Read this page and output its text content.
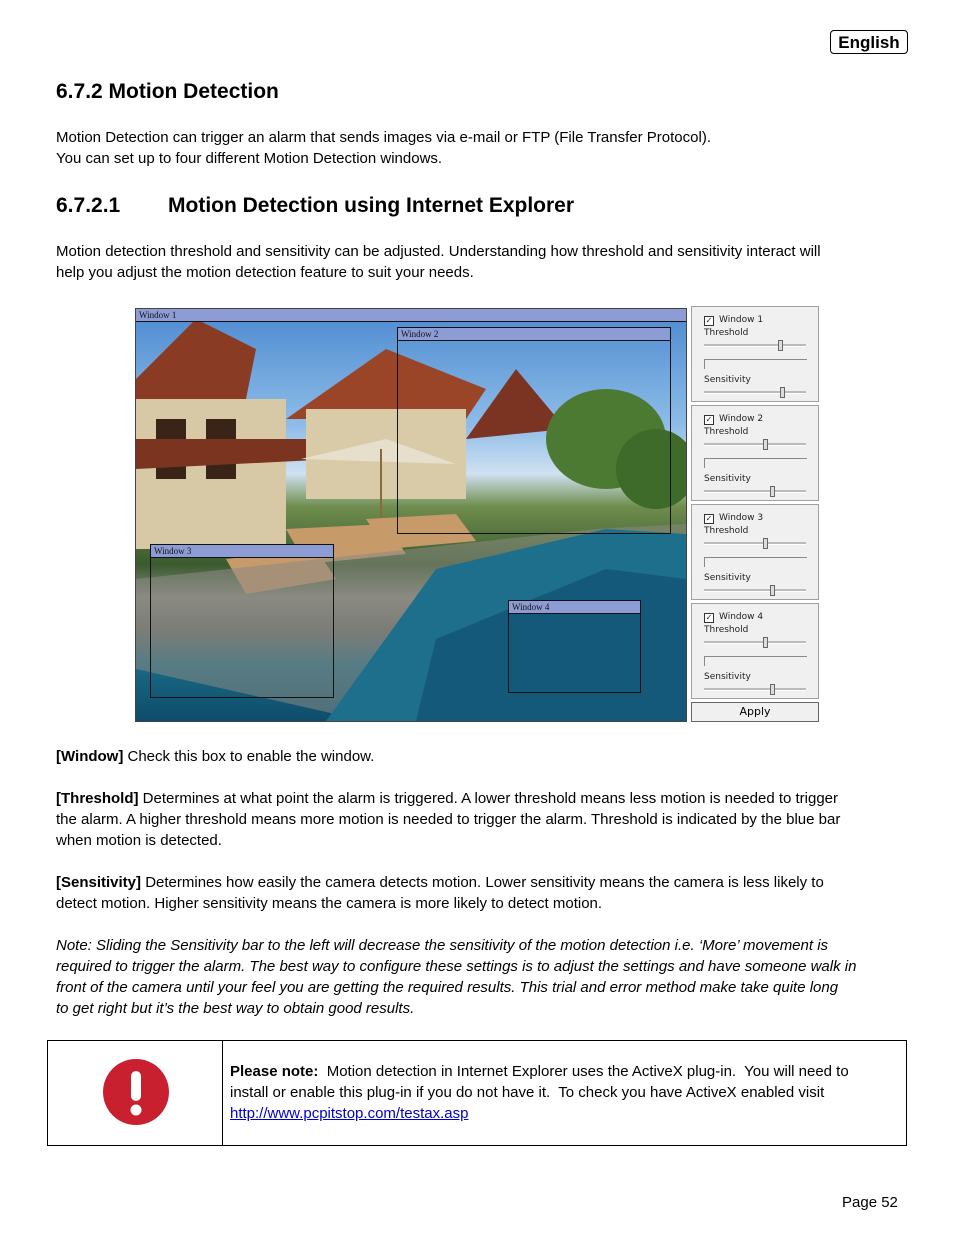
English
6.7.2 Motion Detection

Motion Detection can trigger an alarm that sends images via e-mail or FTP (File Transfer Protocol).

You can set up to four different Motion Detection windows.

6.7.2.1 Motion Detection using Internet Explorer

Motion detection threshold and sensitivity can be adjusted. Understanding how threshold and sensitivity interact will

help you adjust the motion detection feature to suit your needs.

Window 1
Window 2
Window 3
Window 4
✓ Window 1
Threshold
Sensitivity
✓ Window 2
Threshold
Sensitivity
✓ Window 3
Threshold
Sensitivity
✓ Window 4
Threshold
Sensitivity
Apply

[Window] Check this box to enable the window.

[Threshold] Determines at what point the alarm is triggered. A lower threshold means less motion is needed to trigger

the alarm. A higher threshold means more motion is needed to trigger the alarm. Threshold is indicated by the blue bar

when motion is detected.

[Sensitivity] Determines how easily the camera detects motion. Lower sensitivity means the camera is less likely to

detect motion. Higher sensitivity means the camera is more likely to detect motion.

Note: Sliding the Sensitivity bar to the left will decrease the sensitivity of the motion detection i.e. ‘More’ movement is

required to trigger the alarm. The best way to configure these settings is to adjust the settings and have someone walk in

front of the camera until your feel you are getting the required results. This trial and error method make take quite long

to get right but it’s the best way to obtain good results.

Please note:  Motion detection in Internet Explorer uses the ActiveX plug-in.  You will need to
install or enable this plug-in if you do not have it.  To check you have ActiveX enabled visit
http://www.pcpitstop.com/testax.asp
Page 52
